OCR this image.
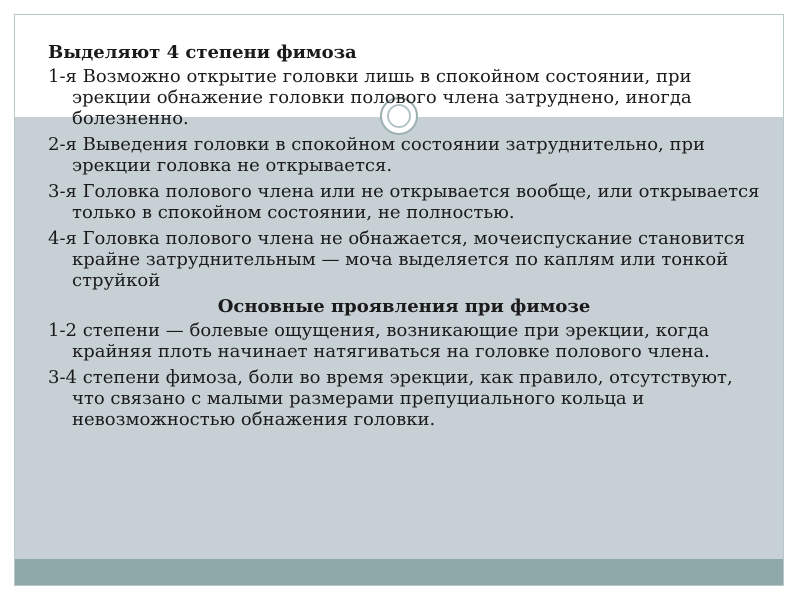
Выделяют 4 степени фимоза
1-я Возможно открытие головки лишь в спокойном состоянии, при эрекции обнажение головки полового члена затруднено, иногда болезненно.
2-я Выведения головки в спокойном состоянии затруднительно, при эрекции головка не открывается.
3-я Головка полового члена или не открывается вообще, или открывается только в спокойном состоянии, не полностью.
4-я Головка полового члена не обнажается, мочеиспускание становится крайне затруднительным — моча выделяется по каплям или тонкой струйкой
Основные проявления при фимозе
1-2 степени — болевые ощущения, возникающие при эрекции, когда крайняя плоть начинает натягиваться на головке полового члена.
3-4 степени фимоза, боли во время эрекции, как правило, отсутствуют, что связано с малыми размерами препуциального кольца и невозможностью обнажения головки.
